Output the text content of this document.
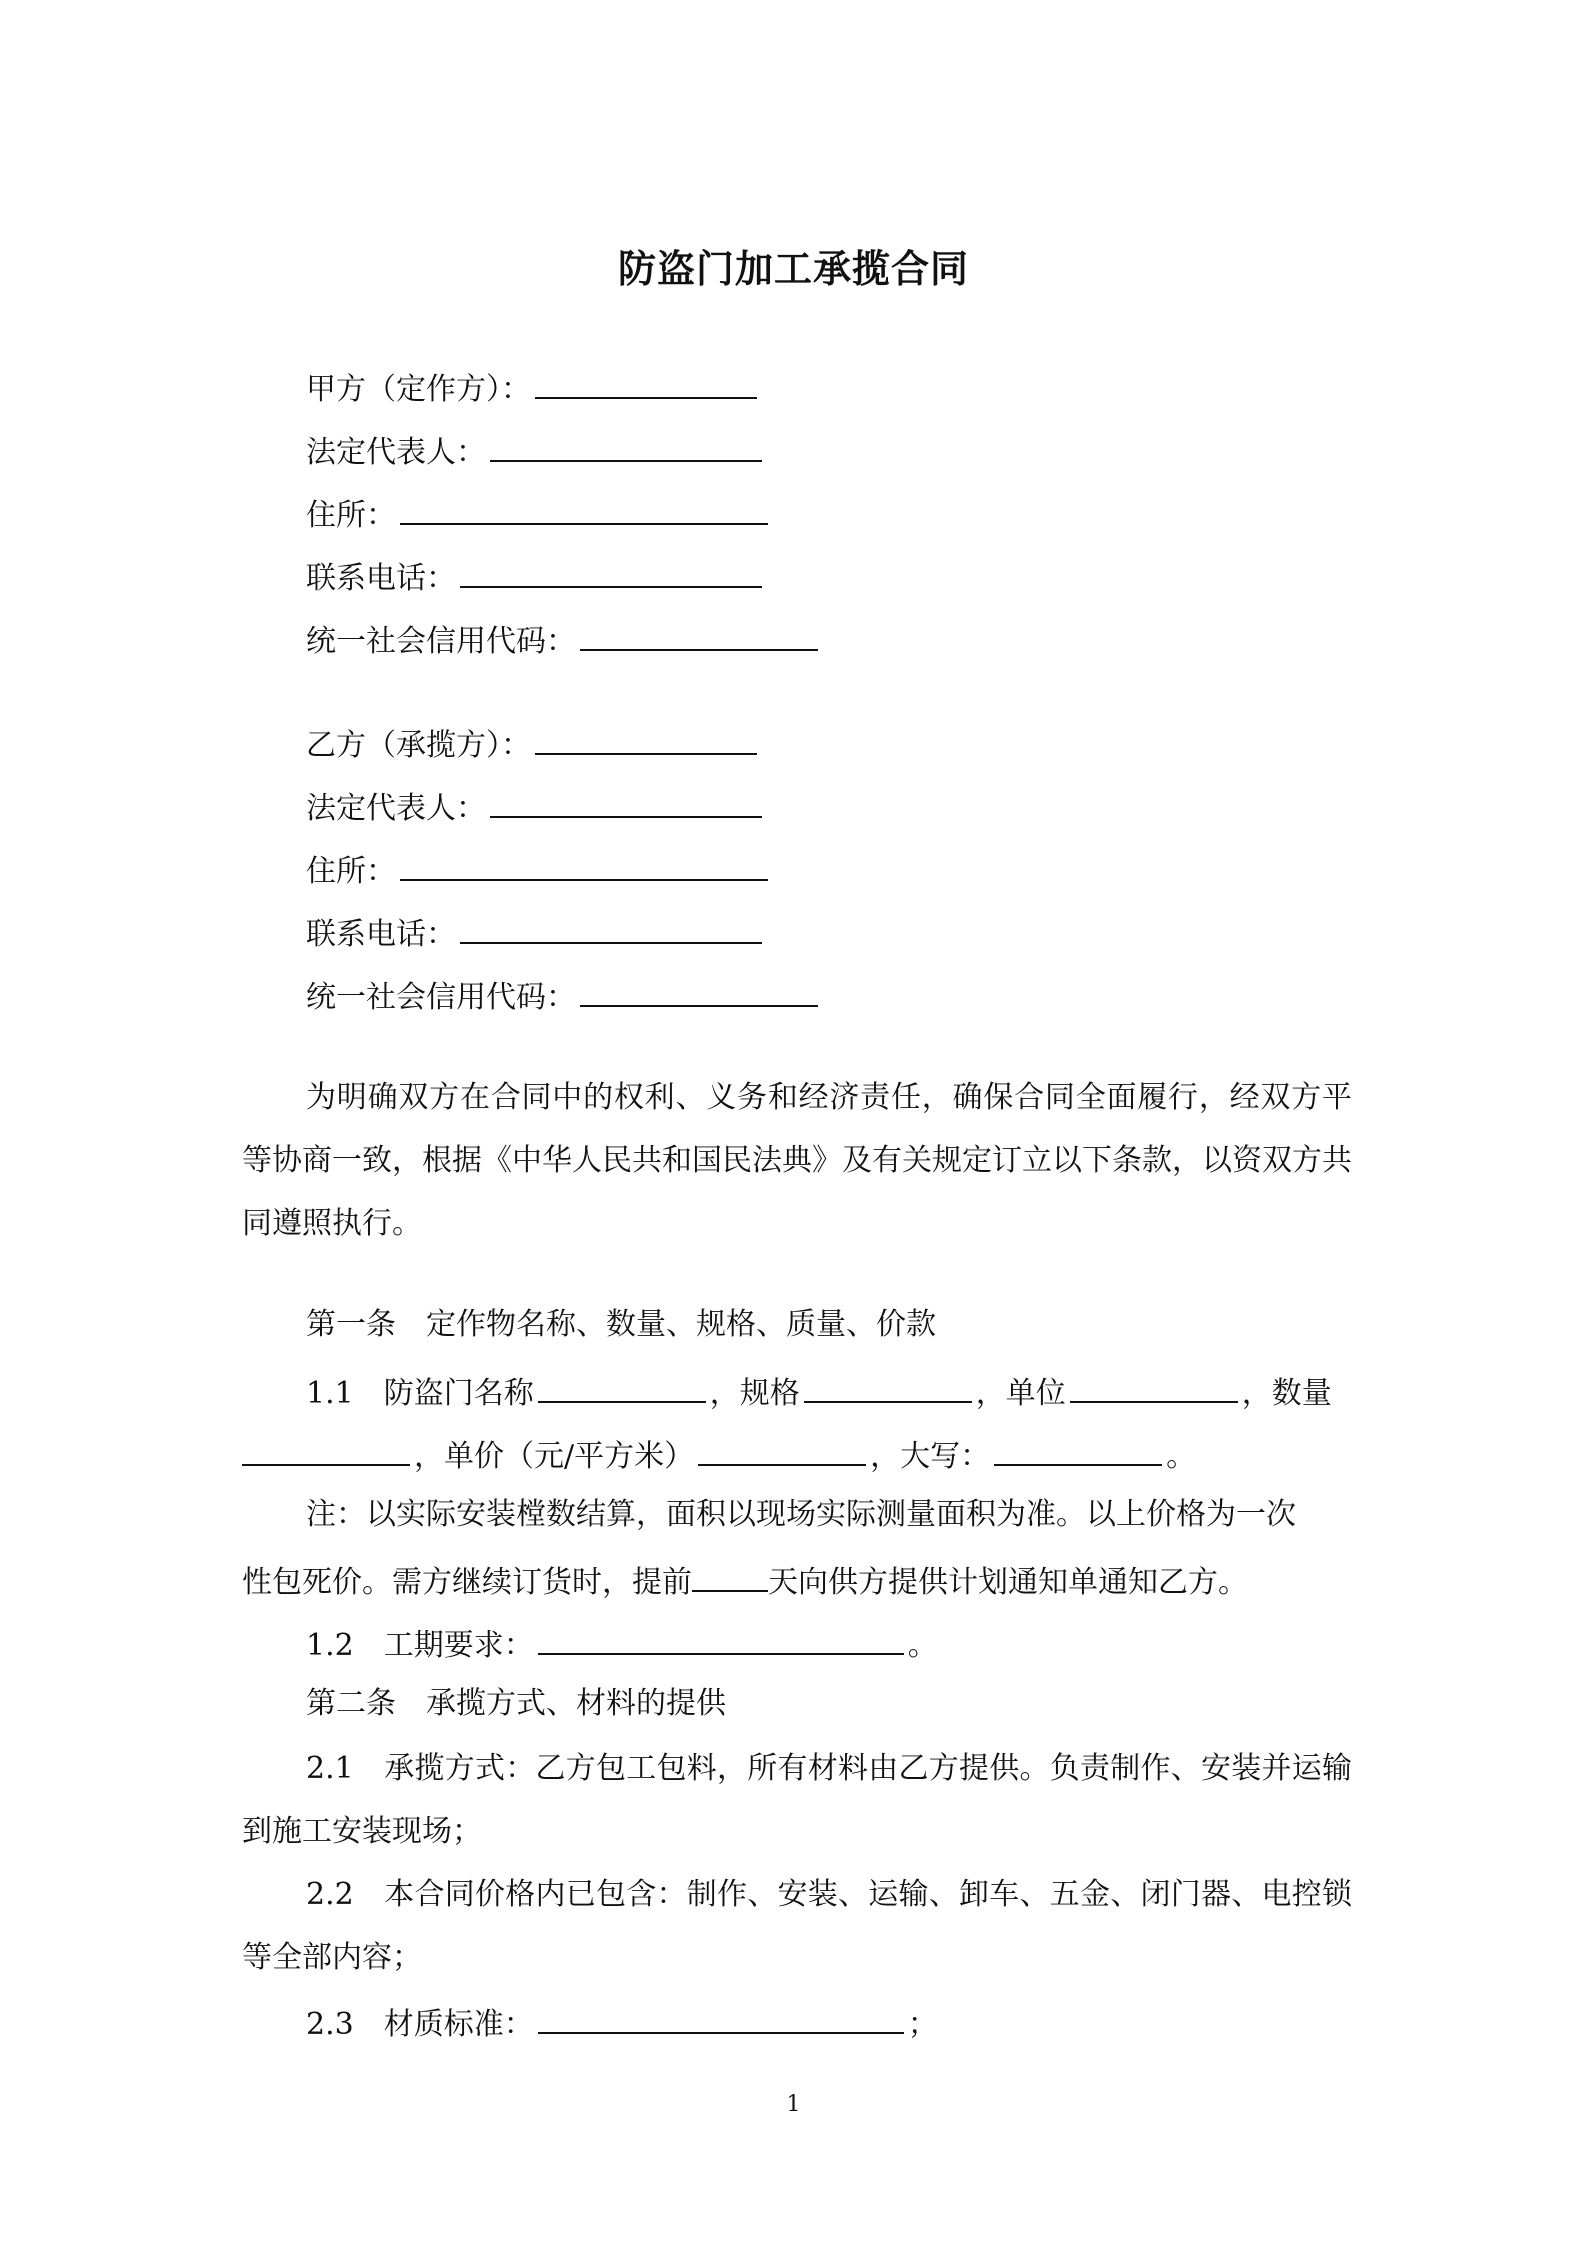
防盗门加工承揽合同
甲方（定作方）：
法定代表人：
住所：
联系电话：
统一社会信用代码：
乙方（承揽方）：
法定代表人：
住所：
联系电话：
统一社会信用代码：
为明确双方在合同中的权利、义务和经济责任，确保合同全面履行，经双方平等协商一致，根据《中华人民共和国民法典》及有关规定订立以下条款，以资双方共同遵照执行。
第一条　定作物名称、数量、规格、质量、价款
1.1　防盗门名称	，规格	，单位	，数量
，单价（元/平方米）	，大写：	。
注：以实际安装樘数结算，面积以现场实际测量面积为准。以上价格为一次
性包死价。需方继续订货时，提前	天向供方提供计划通知单通知乙方。
1.2　工期要求：	。
第二条　承揽方式、材料的提供
2.1　承揽方式：乙方包工包料，所有材料由乙方提供。负责制作、安装并运输到施工安装现场；
2.2　本合同价格内已包含：制作、安装、运输、卸车、五金、闭门器、电控锁等全部内容；
2.3　材质标准：	；
1
